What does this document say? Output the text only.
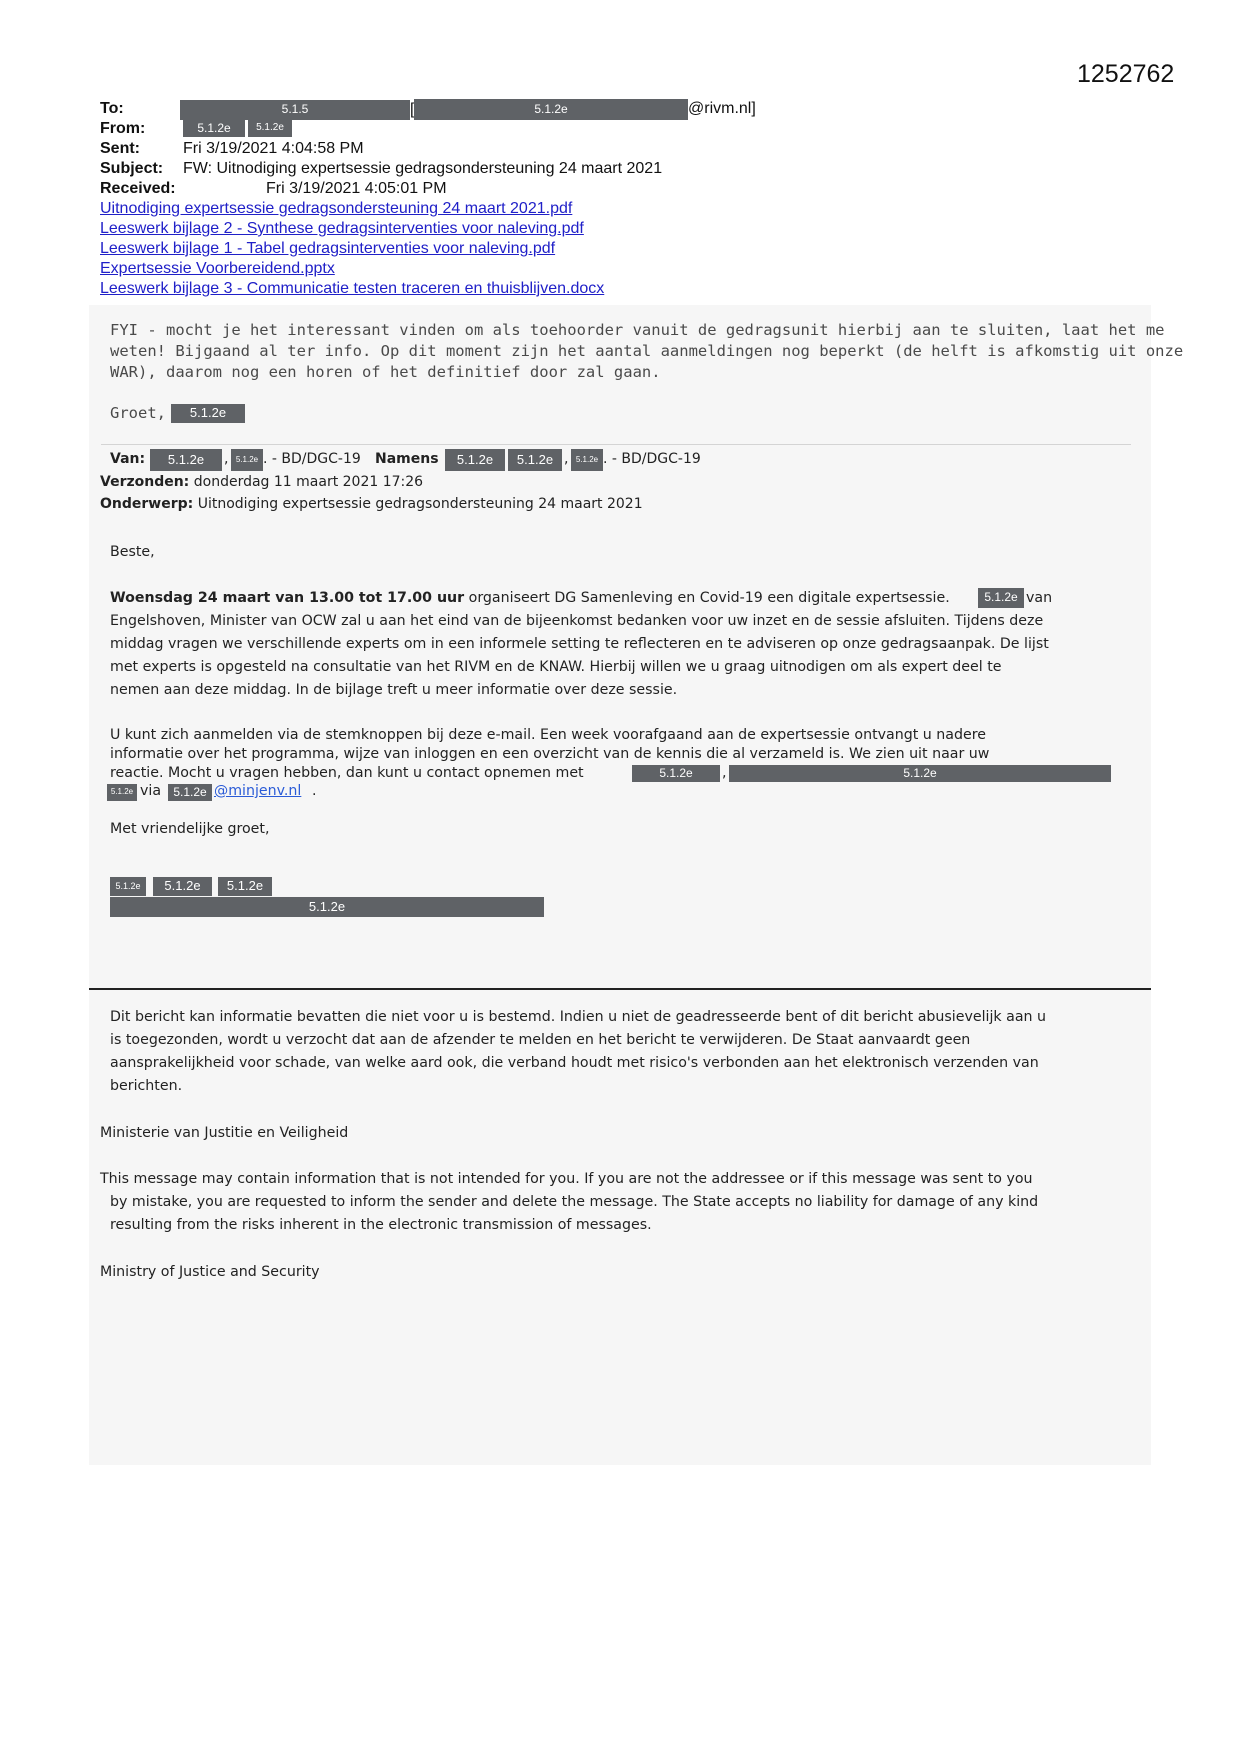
1252762
To:	5.1.5	[	5.1.2e	@rivm.nl]
From:	5.1.2e	5.1.2e
Sent:	Fri 3/19/2021 4:04:58 PM
Subject: FW: Uitnodiging expertsessie gedragsondersteuning 24 maart 2021
Received:	Fri 3/19/2021 4:05:01 PM
Uitnodiging expertsessie gedragsondersteuning 24 maart 2021.pdf
Leeswerk bijlage 2 - Synthese gedragsinterventies voor naleving.pdf
Leeswerk bijlage 1 - Tabel gedragsinterventies voor naleving.pdf
Expertsessie Voorbereidend.pptx
Leeswerk bijlage 3 - Communicatie testen traceren en thuisblijven.docx
FYI - mocht je het interessant vinden om als toehoorder vanuit de gedragsunit hierbij aan te sluiten, laat het me
weten! Bijgaand al ter info. Op dit moment zijn het aantal aanmeldingen nog beperkt (de helft is afkomstig uit onze
WAR), daarom nog een horen of het definitief door zal gaan.
Groet,	5.1.2e
Van:	5.1.2e	, 5.1.2e . - BD/DGC-19 Namens	5.1.2e	5.1.2e , 5.1.2e . - BD/DGC-19
Verzonden: donderdag 11 maart 2021 17:26
Onderwerp: Uitnodiging expertsessie gedragsondersteuning 24 maart 2021
Beste,
Woensdag 24 maart van 13.00 tot 17.00 uur organiseert DG Samenleving en Covid-19 een digitale expertsessie.	5.1.2e van
Engelshoven, Minister van OCW zal u aan het eind van de bijeenkomst bedanken voor uw inzet en de sessie afsluiten. Tijdens deze
middag vragen we verschillende experts om in een informele setting te reflecteren en te adviseren op onze gedragsaanpak. De lijst
met experts is opgesteld na consultatie van het RIVM en de KNAW. Hierbij willen we u graag uitnodigen om als expert deel te
nemen aan deze middag. In de bijlage treft u meer informatie over deze sessie.
U kunt zich aanmelden via de stemknoppen bij deze e-mail. Een week voorafgaand aan de expertsessie ontvangt u nadere
informatie over het programma, wijze van inloggen en een overzicht van de kennis die al verzameld is. We zien uit naar uw
reactie. Mocht u vragen hebben, dan kunt u contact opnemen met	5.1.2e	,	5.1.2e
5.1.2e via	5.1.2e @minjenv.nl .
Met vriendelijke groet,
5.1.2e	5.1.2e	5.1.2e
5.1.2e
Dit bericht kan informatie bevatten die niet voor u is bestemd. Indien u niet de geadresseerde bent of dit bericht abusievelijk aan u
is toegezonden, wordt u verzocht dat aan de afzender te melden en het bericht te verwijderen. De Staat aanvaardt geen
aansprakelijkheid voor schade, van welke aard ook, die verband houdt met risico's verbonden aan het elektronisch verzenden van
berichten.
Ministerie van Justitie en Veiligheid
This message may contain information that is not intended for you. If you are not the addressee or if this message was sent to you
by mistake, you are requested to inform the sender and delete the message. The State accepts no liability for damage of any kind
resulting from the risks inherent in the electronic transmission of messages.
Ministry of Justice and Security
